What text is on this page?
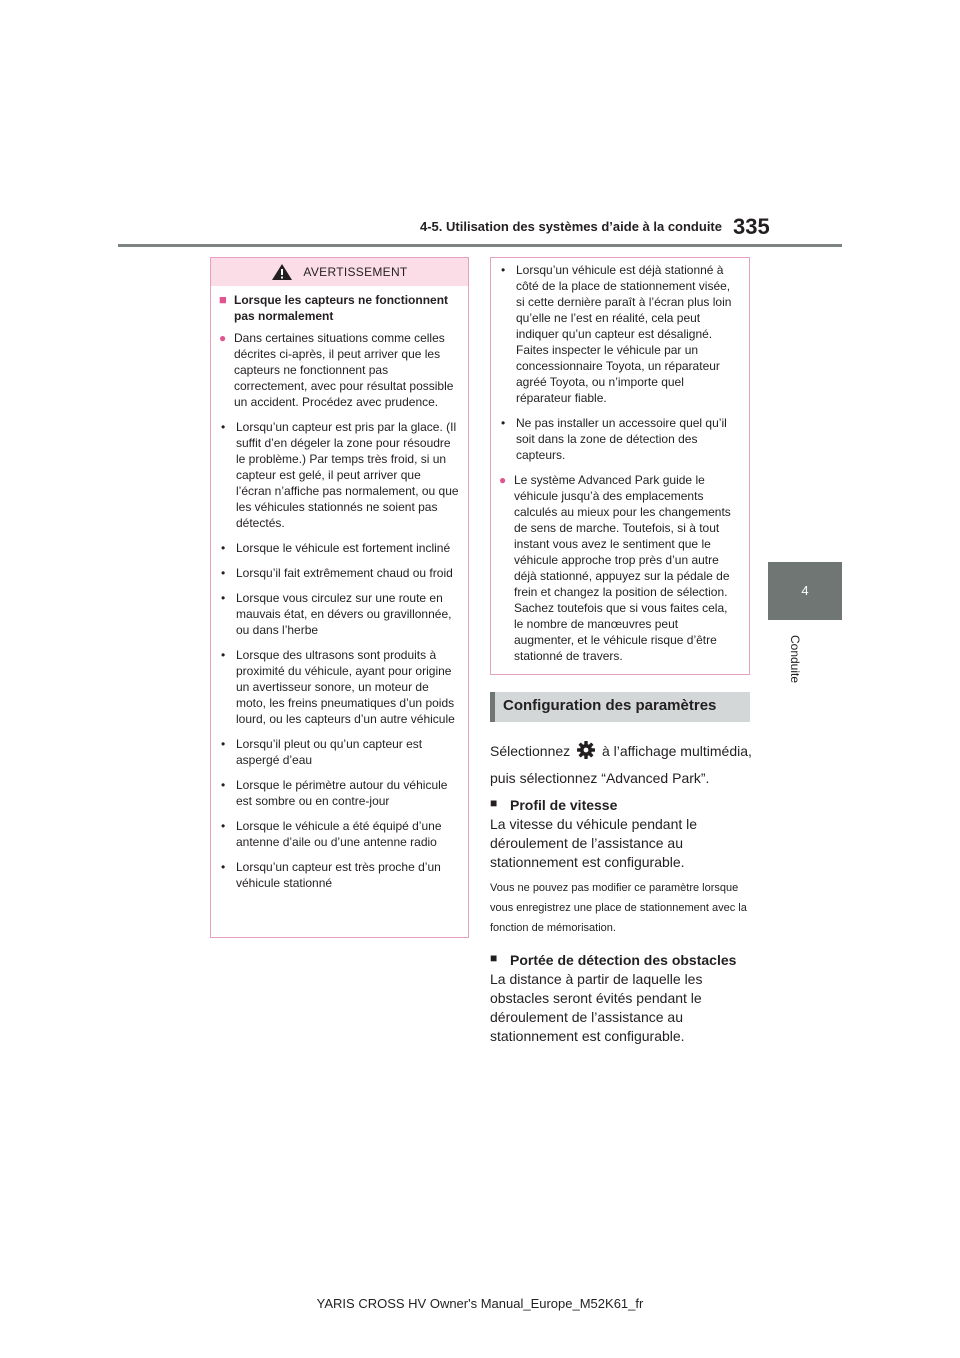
4-5. Utilisation des systèmes d’aide à la conduite 335
4
Conduite
AVERTISSEMENT
■ Lorsque les capteurs ne fonctionnent pas normalement
● Dans certaines situations comme celles décrites ci-après, il peut arriver que les capteurs ne fonctionnent pas correctement, avec pour résultat possible un accident. Procédez avec prudence.
• Lorsqu’un capteur est pris par la glace. (Il suffit d’en dégeler la zone pour résoudre le problème.) Par temps très froid, si un capteur est gelé, il peut arriver que l’écran n’affiche pas normalement, ou que les véhicules stationnés ne soient pas détectés.
• Lorsque le véhicule est fortement incliné
• Lorsqu’il fait extrêmement chaud ou froid
• Lorsque vous circulez sur une route en mauvais état, en dévers ou gravillonnée, ou dans l’herbe
• Lorsque des ultrasons sont produits à proximité du véhicule, ayant pour origine un avertisseur sonore, un moteur de moto, les freins pneumatiques d’un poids lourd, ou les capteurs d’un autre véhicule
• Lorsqu’il pleut ou qu’un capteur est aspergé d’eau
• Lorsque le périmètre autour du véhicule est sombre ou en contre-jour
• Lorsque le véhicule a été équipé d’une antenne d’aile ou d’une antenne radio
• Lorsqu’un capteur est très proche d’un véhicule stationné
• Lorsqu’un véhicule est déjà stationné à côté de la place de stationnement visée, si cette dernière paraît à l’écran plus loin qu’elle ne l’est en réalité, cela peut indiquer qu’un capteur est désaligné. Faites inspecter le véhicule par un concessionnaire Toyota, un réparateur agréé Toyota, ou n’importe quel réparateur fiable.
• Ne pas installer un accessoire quel qu’il soit dans la zone de détection des capteurs.
● Le système Advanced Park guide le véhicule jusqu’à des emplacements calculés au mieux pour les changements de sens de marche. Toutefois, si à tout instant vous avez le sentiment que le véhicule approche trop près d’un autre déjà stationné, appuyez sur la pédale de frein et changez la position de sélection. Sachez toutefois que si vous faites cela, le nombre de manœuvres peut augmenter, et le véhicule risque d’être stationné de travers.
Configuration des paramètres

Sélectionnez à l’affichage multimédia, puis sélectionnez “Advanced Park”.

■ Profil de vitesse

La vitesse du véhicule pendant le déroulement de l’assistance au stationnement est configurable.

Vous ne pouvez pas modifier ce paramètre lorsque vous enregistrez une place de stationnement avec la fonction de mémorisation.

■ Portée de détection des obstacles

La distance à partir de laquelle les obstacles seront évités pendant le déroulement de l’assistance au stationnement est configurable.

YARIS CROSS HV Owner's Manual_Europe_M52K61_fr
